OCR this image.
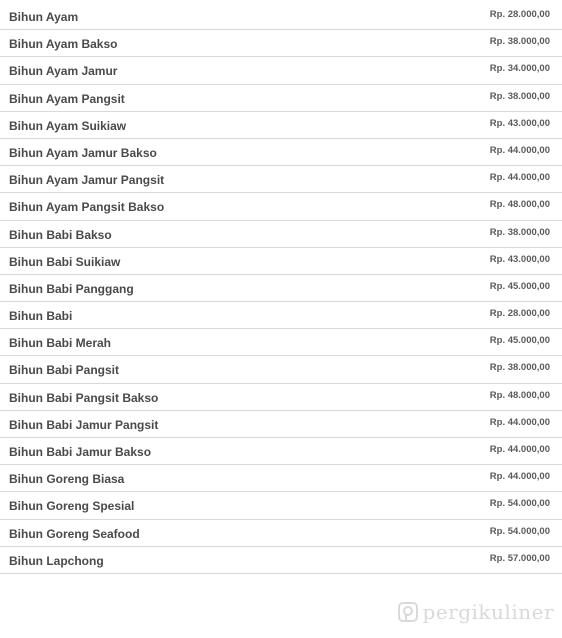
Bihun Ayam	Rp. 28.000,00
Bihun Ayam Bakso	Rp. 38.000,00
Bihun Ayam Jamur	Rp. 34.000,00
Bihun Ayam Pangsit	Rp. 38.000,00
Bihun Ayam Suikiaw	Rp. 43.000,00
Bihun Ayam Jamur Bakso	Rp. 44.000,00
Bihun Ayam Jamur Pangsit	Rp. 44.000,00
Bihun Ayam Pangsit Bakso	Rp. 48.000,00
Bihun Babi Bakso	Rp. 38.000,00
Bihun Babi Suikiaw	Rp. 43.000,00
Bihun Babi Panggang	Rp. 45.000,00
Bihun Babi	Rp. 28.000,00
Bihun Babi Merah	Rp. 45.000,00
Bihun Babi Pangsit	Rp. 38.000,00
Bihun Babi Pangsit Bakso	Rp. 48.000,00
Bihun Babi Jamur Pangsit	Rp. 44.000,00
Bihun Babi Jamur Bakso	Rp. 44.000,00
Bihun Goreng Biasa	Rp. 44.000,00
Bihun Goreng Spesial	Rp. 54.000,00
Bihun Goreng Seafood	Rp. 54.000,00
Bihun Lapchong	Rp. 57.000,00
pergikuliner
